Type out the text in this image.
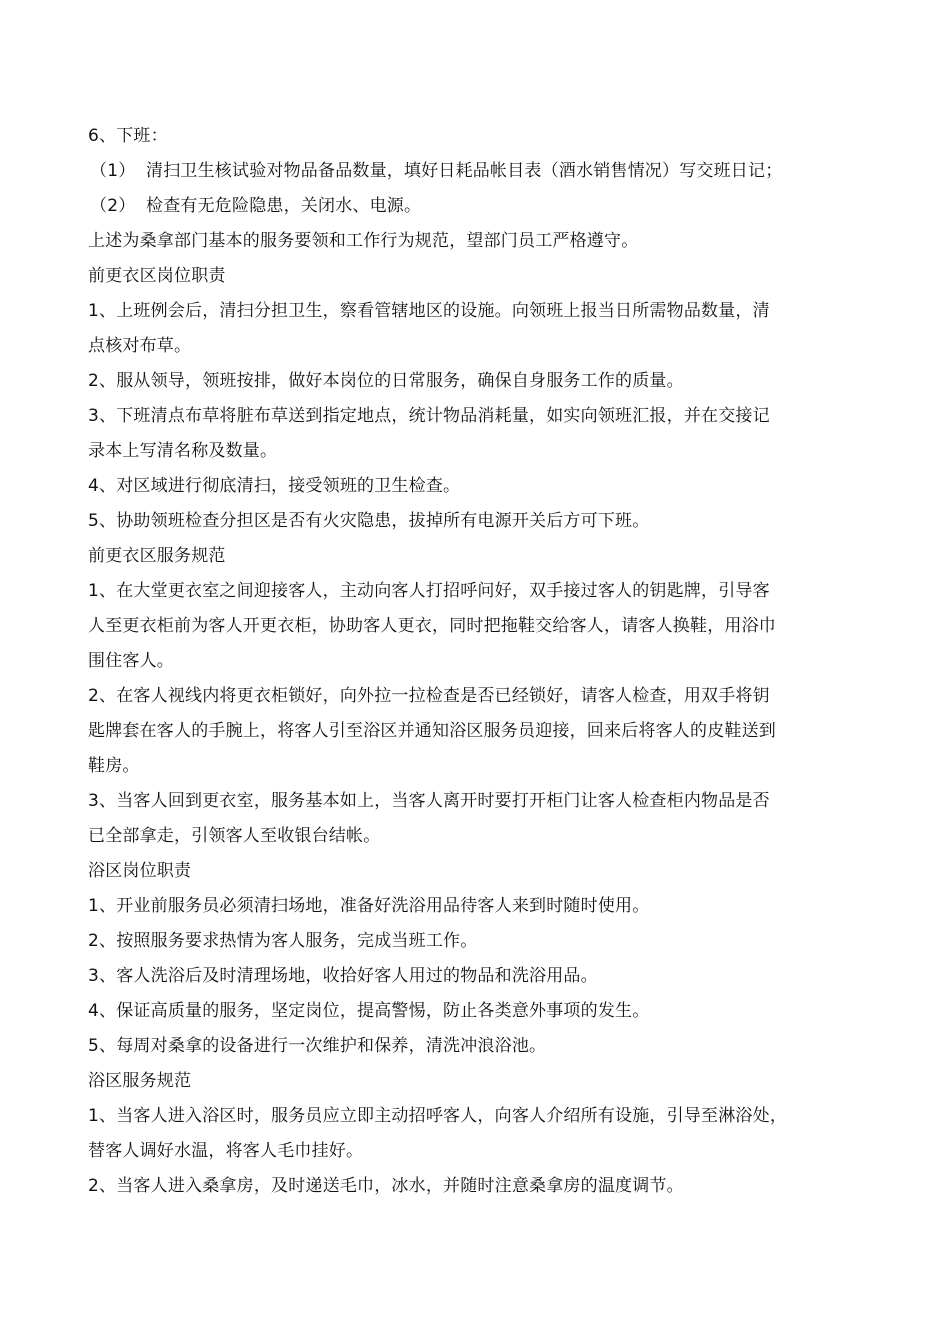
6、下班：
（1） 清扫卫生核试验对物品备品数量，填好日耗品帐目表（酒水销售情况）写交班日记；
（2） 检查有无危险隐患，关闭水、电源。
上述为桑拿部门基本的服务要领和工作行为规范，望部门员工严格遵守。
前更衣区岗位职责
1、上班例会后，清扫分担卫生，察看管辖地区的设施。向领班上报当日所需物品数量，清
点核对布草。
2、服从领导，领班按排，做好本岗位的日常服务，确保自身服务工作的质量。
3、下班清点布草将脏布草送到指定地点，统计物品消耗量，如实向领班汇报，并在交接记
录本上写清名称及数量。
4、对区域进行彻底清扫，接受领班的卫生检查。
5、协助领班检查分担区是否有火灾隐患，拔掉所有电源开关后方可下班。
前更衣区服务规范
1、在大堂更衣室之间迎接客人，主动向客人打招呼问好，双手接过客人的钥匙牌，引导客
人至更衣柜前为客人开更衣柜，协助客人更衣，同时把拖鞋交给客人，请客人换鞋，用浴巾
围住客人。
2、在客人视线内将更衣柜锁好，向外拉一拉检查是否已经锁好，请客人检查，用双手将钥
匙牌套在客人的手腕上，将客人引至浴区并通知浴区服务员迎接，回来后将客人的皮鞋送到
鞋房。
3、当客人回到更衣室，服务基本如上，当客人离开时要打开柜门让客人检查柜内物品是否
已全部拿走，引领客人至收银台结帐。
浴区岗位职责
1、开业前服务员必须清扫场地，准备好洗浴用品待客人来到时随时使用。
2、按照服务要求热情为客人服务，完成当班工作。
3、客人洗浴后及时清理场地，收拾好客人用过的物品和洗浴用品。
4、保证高质量的服务，坚定岗位，提高警惕，防止各类意外事项的发生。
5、每周对桑拿的设备进行一次维护和保养，清洗冲浪浴池。
浴区服务规范
1、当客人进入浴区时，服务员应立即主动招呼客人，向客人介绍所有设施，引导至淋浴处，
替客人调好水温，将客人毛巾挂好。
2、当客人进入桑拿房，及时递送毛巾，冰水，并随时注意桑拿房的温度调节。
